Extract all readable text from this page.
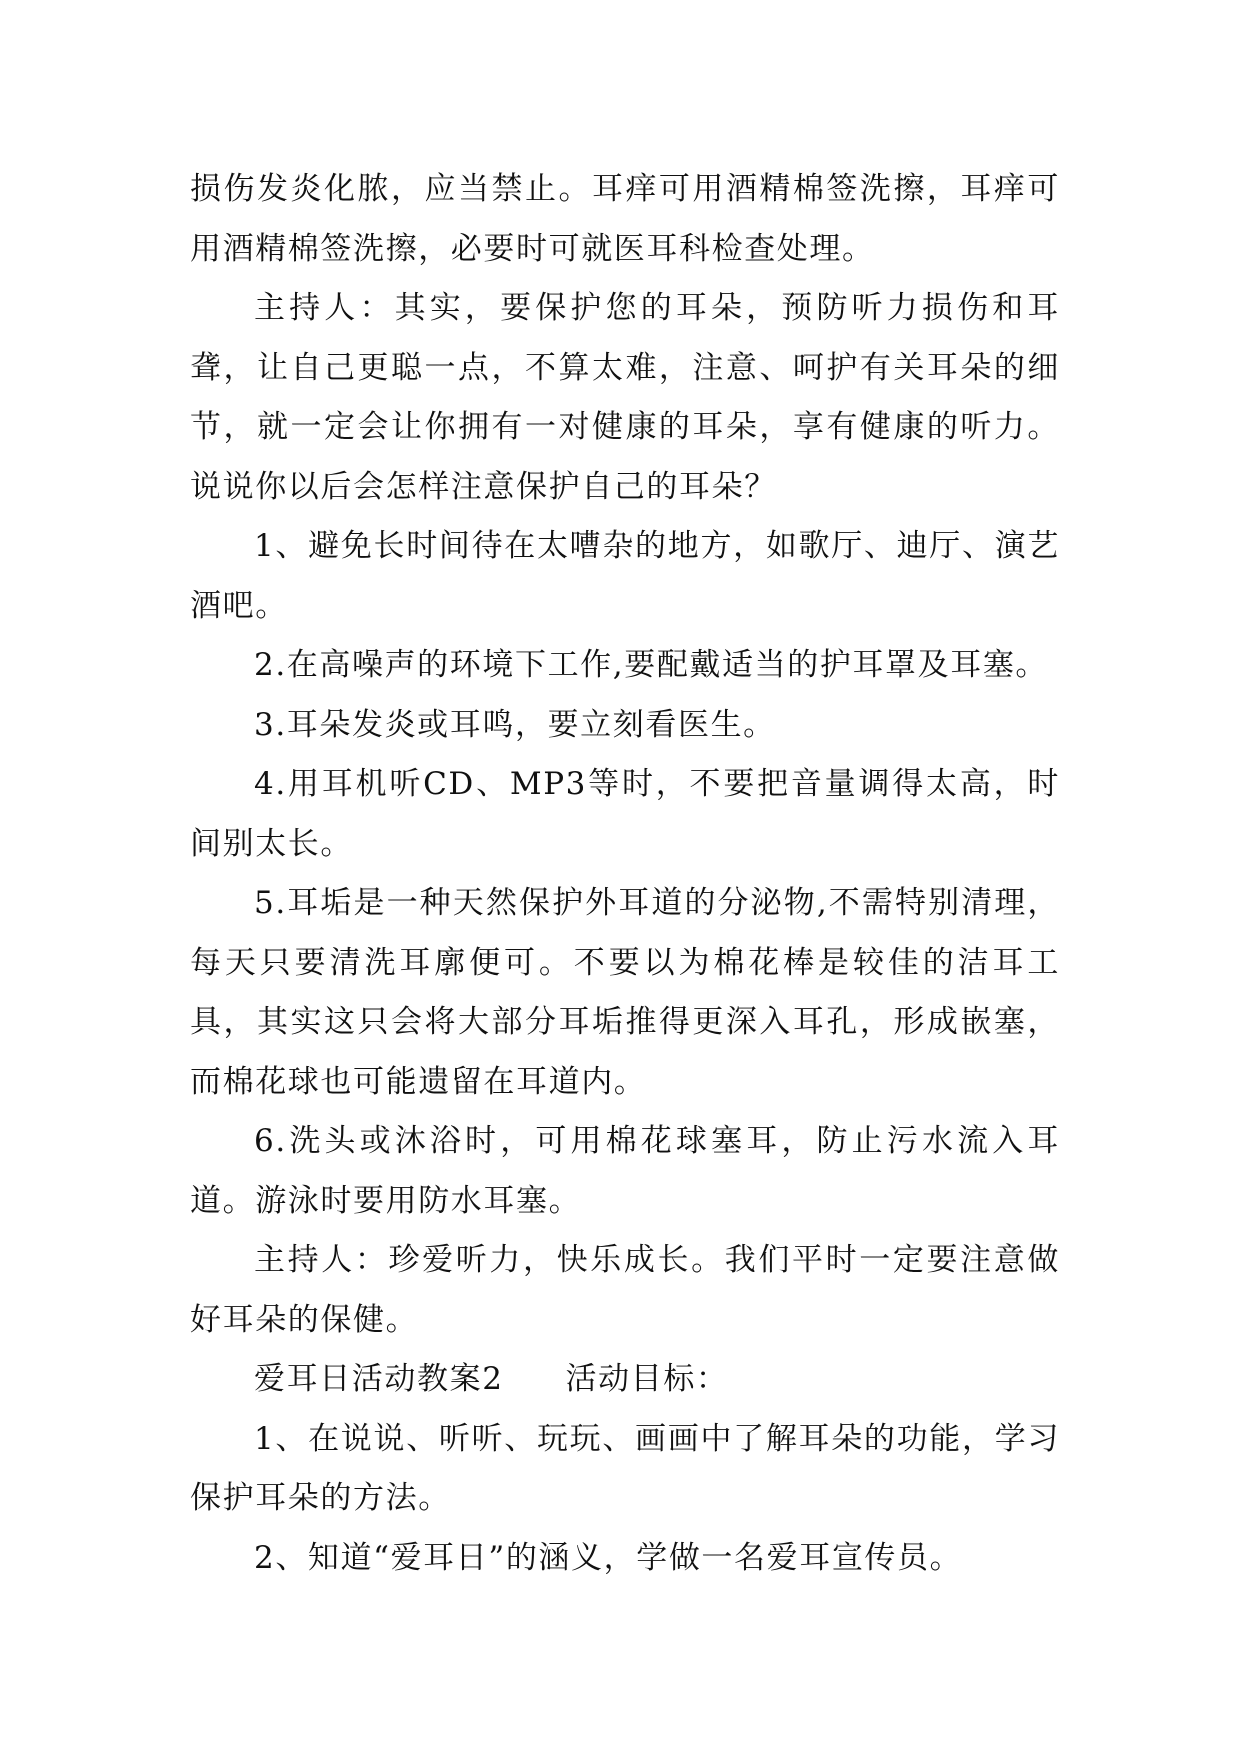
损伤发炎化脓，应当禁止。耳痒可用酒精棉签洗擦，耳痒可用酒精棉签洗擦，必要时可就医耳科检查处理。

主持人：其实，要保护您的耳朵，预防听力损伤和耳聋，让自己更聪一点，不算太难，注意、呵护有关耳朵的细节，就一定会让你拥有一对健康的耳朵，享有健康的听力。说说你以后会怎样注意保护自己的耳朵？

1、避免长时间待在太嘈杂的地方，如歌厅、迪厅、演艺酒吧。

2.在高噪声的环境下工作,要配戴适当的护耳罩及耳塞。

3.耳朵发炎或耳鸣，要立刻看医生。

4.用耳机听CD、MP3等时，不要把音量调得太高，时间别太长。

5.耳垢是一种天然保护外耳道的分泌物,不需特别清理，每天只要清洗耳廓便可。不要以为棉花棒是较佳的洁耳工具，其实这只会将大部分耳垢推得更深入耳孔，形成嵌塞，而棉花球也可能遗留在耳道内。

6.洗头或沐浴时，可用棉花球塞耳，防止污水流入耳道。游泳时要用防水耳塞。

主持人：珍爱听力，快乐成长。我们平时一定要注意做好耳朵的保健。

爱耳日活动教案2 活动目标：

1、在说说、听听、玩玩、画画中了解耳朵的功能，学习保护耳朵的方法。

2、知道“爱耳日”的涵义，学做一名爱耳宣传员。
